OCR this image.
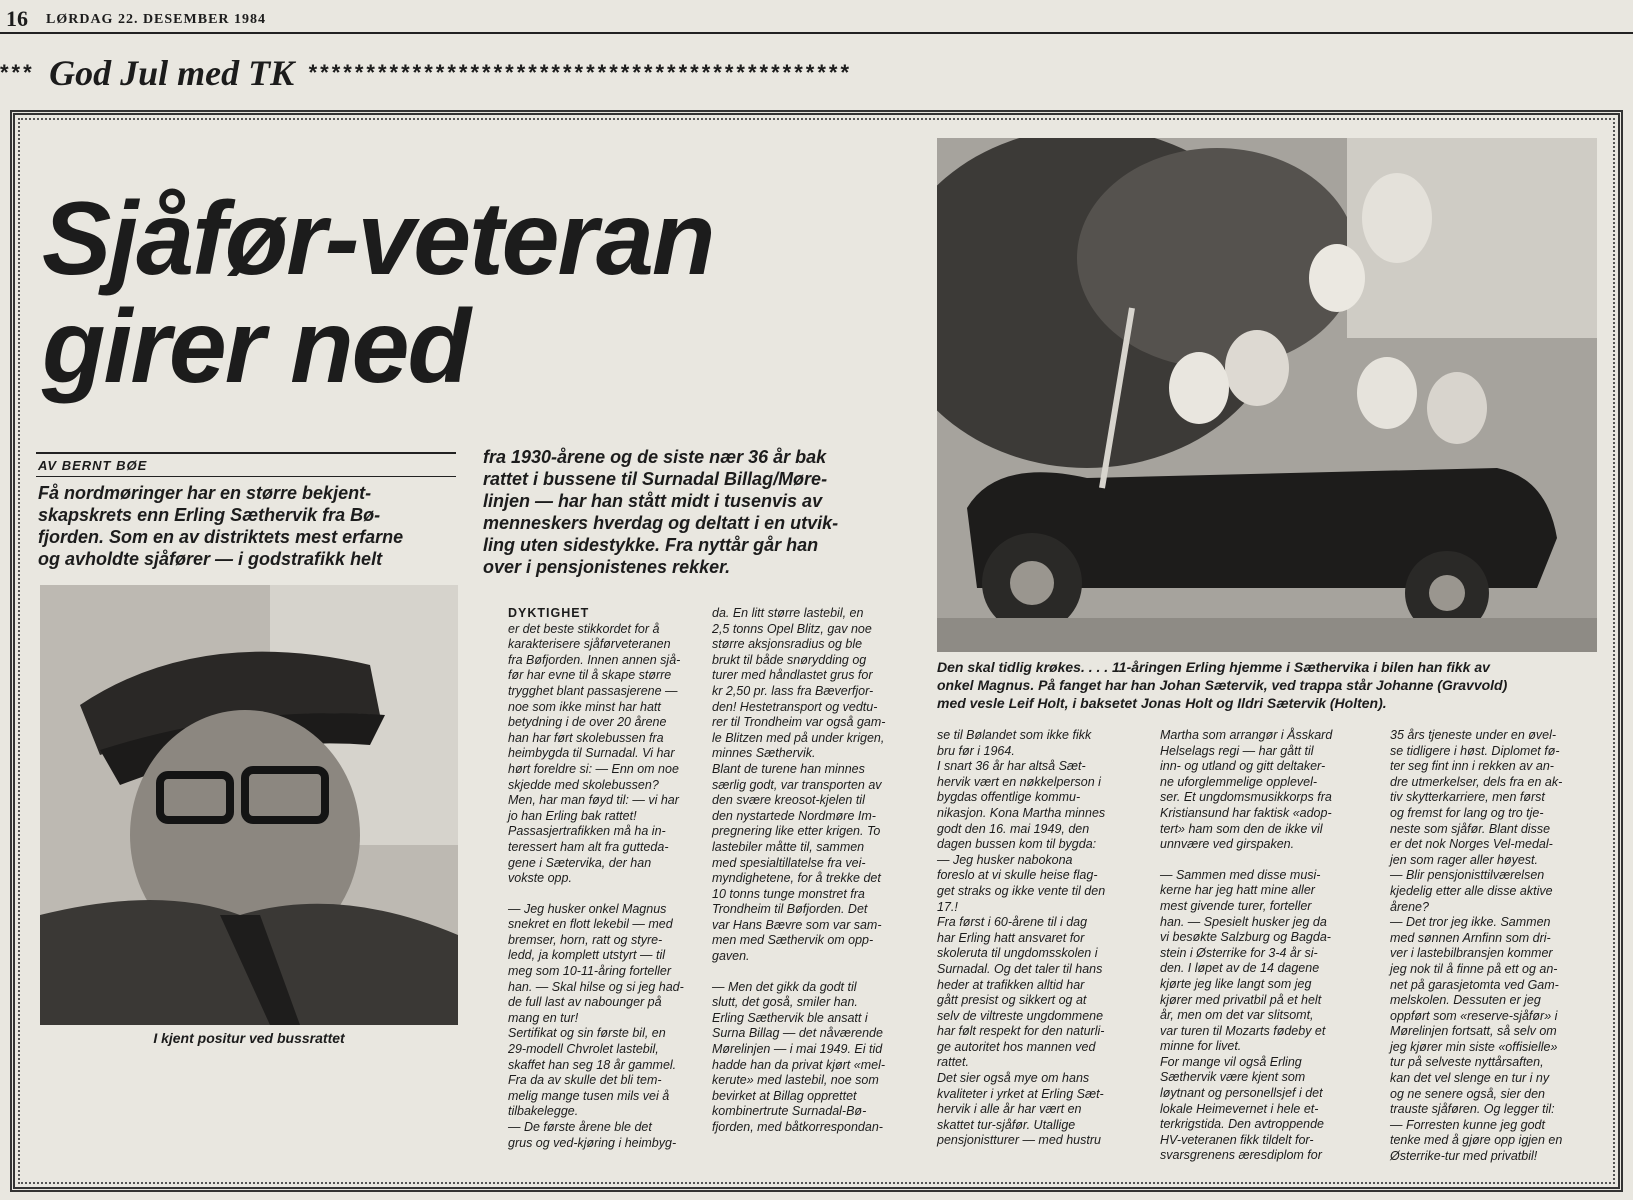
16 LØRDAG 22. DESEMBER 1984
*** God Jul med TK ***********************************************
Sjåfør-veteran
girer ned
AV BERNT BØE
Få nordmøringer har en større bekjent-
skapskrets enn Erling Sæthervik fra Bø-
fjorden. Som en av distriktets mest erfarne
og avholdte sjåfører — i godstrafikk helt
fra 1930-årene og de siste nær 36 år bak
rattet i bussene til Surnadal Billag/Møre-
linjen — har han stått midt i tusenvis av
menneskers hverdag og deltatt i en utvik-
ling uten sidestykke. Fra nyttår går han
over i pensjonistenes rekker.
I kjent positur ved bussrattet
Den skal tidlig krøkes. . . . 11-åringen Erling hjemme i Sæthervika i bilen han fikk av
onkel Magnus. På fanget har han Johan Sætervik, ved trappa står Johanne (Gravvold)
med vesle Leif Holt, i baksetet Jonas Holt og Ildri Sætervik (Holten).
DYKTIGHET
er det beste stikkordet for å
karakterisere sjåførveteranen
fra Bøfjorden. Innen annen sjå-
før har evne til å skape større
trygghet blant passasjerene —
noe som ikke minst har hatt
betydning i de over 20 årene
han har ført skolebussen fra
heimbygda til Surnadal. Vi har
hørt foreldre si: — Enn om noe
skjedde med skolebussen?
Men, har man føyd til: — vi har
jo han Erling bak rattet!
Passasjertrafikken må ha in-
teressert ham alt fra gutteda-
gene i Sætervika, der han
vokste opp.
— Jeg husker onkel Magnus
snekret en flott lekebil — med
bremser, horn, ratt og styre-
ledd, ja komplett utstyrt — til
meg som 10-11-åring forteller
han. — Skal hilse og si jeg had-
de full last av nabounger på
mang en tur!
Sertifikat og sin første bil, en
29-modell Chvrolet lastebil,
skaffet han seg 18 år gammel.
Fra da av skulle det bli tem-
melig mange tusen mils vei å
tilbakelegge.
— De første årene ble det
grus og ved-kjøring i heimbyg-
da. En litt større lastebil, en
2,5 tonns Opel Blitz, gav noe
større aksjonsradius og ble
brukt til både snørydding og
turer med håndlastet grus for
kr 2,50 pr. lass fra Bæverfjor-
den! Hestetransport og vedtu-
rer til Trondheim var også gam-
le Blitzen med på under krigen,
minnes Sæthervik.
Blant de turene han minnes
særlig godt, var transporten av
den svære kreosot-kjelen til
den nystartede Nordmøre Im-
pregnering like etter krigen. To
lastebiler måtte til, sammen
med spesialtillatelse fra vei-
myndighetene, for å trekke det
10 tonns tunge monstret fra
Trondheim til Bøfjorden. Det
var Hans Bævre som var sam-
men med Sæthervik om opp-
gaven.
— Men det gikk da godt til
slutt, det goså, smiler han.
Erling Sæthervik ble ansatt i
Surna Billag — det nåværende
Mørelinjen — i mai 1949. Ei tid
hadde han da privat kjørt «mel-
kerute» med lastebil, noe som
bevirket at Billag opprettet
kombinertrute Surnadal-Bø-
fjorden, med båtkorrespondan-
se til Bølandet som ikke fikk
bru før i 1964.
I snart 36 år har altså Sæt-
hervik vært en nøkkelperson i
bygdas offentlige kommu-
nikasjon. Kona Martha minnes
godt den 16. mai 1949, den
dagen bussen kom til bygda:
— Jeg husker nabokona
foreslo at vi skulle heise flag-
get straks og ikke vente til den
17.!
Fra først i 60-årene til i dag
har Erling hatt ansvaret for
skoleruta til ungdomsskolen i
Surnadal. Og det taler til hans
heder at trafikken alltid har
gått presist og sikkert og at
selv de viltreste ungdommene
har følt respekt for den naturli-
ge autoritet hos mannen ved
rattet.
Det sier også mye om hans
kvaliteter i yrket at Erling Sæt-
hervik i alle år har vært en
skattet tur-sjåfør. Utallige
pensjonistturer — med hustru
Martha som arrangør i Åsskard
Helselags regi — har gått til
inn- og utland og gitt deltaker-
ne uforglemmelige opplevel-
ser. Et ungdomsmusikkorps fra
Kristiansund har faktisk «adop-
tert» ham som den de ikke vil
unnvære ved girspaken.
— Sammen med disse musi-
kerne har jeg hatt mine aller
mest givende turer, forteller
han. — Spesielt husker jeg da
vi besøkte Salzburg og Bagda-
stein i Østerrike for 3-4 år si-
den. I løpet av de 14 dagene
kjørte jeg like langt som jeg
kjører med privatbil på et helt
år, men om det var slitsomt,
var turen til Mozarts fødeby et
minne for livet.
For mange vil også Erling
Sæthervik være kjent som
løytnant og personellsjef i det
lokale Heimevernet i hele et-
terkrigstida. Den avtroppende
HV-veteranen fikk tildelt for-
svarsgrenens æresdiplom for
35 års tjeneste under en øvel-
se tidligere i høst. Diplomet fø-
ter seg fint inn i rekken av an-
dre utmerkelser, dels fra en ak-
tiv skytterkarriere, men først
og fremst for lang og tro tje-
neste som sjåfør. Blant disse
er det nok Norges Vel-medal-
jen som rager aller høyest.
— Blir pensjonisttilværelsen
kjedelig etter alle disse aktive
årene?
— Det tror jeg ikke. Sammen
med sønnen Arnfinn som dri-
ver i lastebilbransjen kommer
jeg nok til å finne på ett og an-
net på garasjetomta ved Gam-
melskolen. Dessuten er jeg
oppført som «reserve-sjåfør» i
Mørelinjen fortsatt, så selv om
jeg kjører min siste «offisielle»
tur på selveste nyttårsaften,
kan det vel slenge en tur i ny
og ne senere også, sier den
trauste sjåføren. Og legger til:
— Forresten kunne jeg godt
tenke med å gjøre opp igjen en
Østerrike-tur med privatbil!
